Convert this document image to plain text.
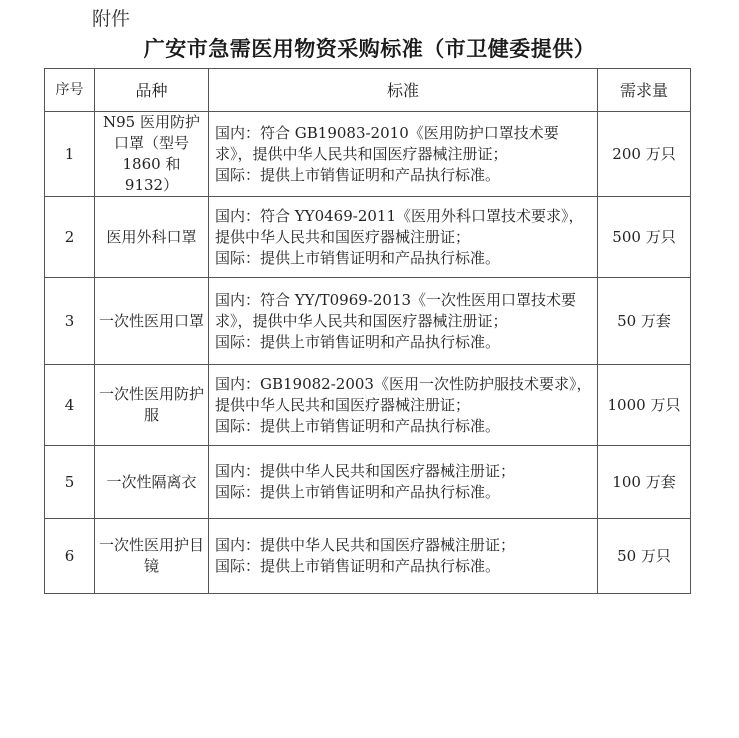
附件
广安市急需医用物资采购标准（市卫健委提供）
序号	品种	标准	需求量
1	N95 医用防护口罩（型号 1860 和 9132）	国内：符合 GB19083-2010《医用防护口罩技术要求》，提供中华人民共和国医疗器械注册证；
国际：提供上市销售证明和产品执行标准。	200 万只
2	医用外科口罩	国内：符合 YY0469-2011《医用外科口罩技术要求》，提供中华人民共和国医疗器械注册证；
国际：提供上市销售证明和产品执行标准。	500 万只
3	一次性医用口罩	国内：符合 YY/T0969-2013《一次性医用口罩技术要求》，提供中华人民共和国医疗器械注册证；
国际：提供上市销售证明和产品执行标准。	50 万套
4	一次性医用防护服	国内：GB19082-2003《医用一次性防护服技术要求》，提供中华人民共和国医疗器械注册证；
国际：提供上市销售证明和产品执行标准。	1000 万只
5	一次性隔离衣	国内：提供中华人民共和国医疗器械注册证；
国际：提供上市销售证明和产品执行标准。	100 万套
6	一次性医用护目镜	国内：提供中华人民共和国医疗器械注册证；
国际：提供上市销售证明和产品执行标准。	50 万只
